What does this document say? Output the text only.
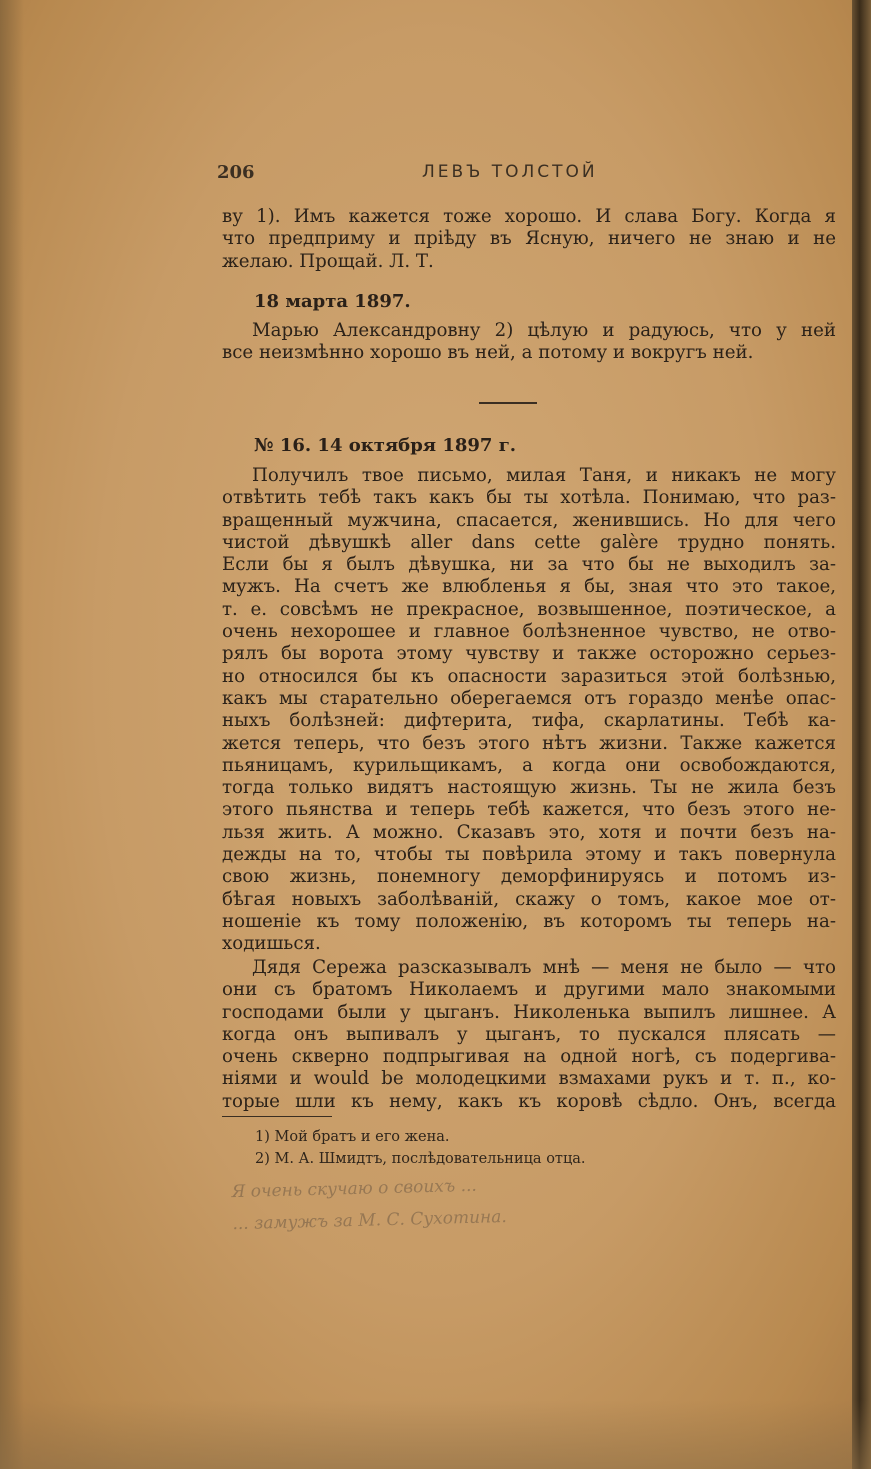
206	ЛЕВЪ ТОЛСТОЙ
ву 1). Имъ кажется тоже хорошо. И слава Богу. Когда я
что предприму и пріѣду въ Ясную, ничего не знаю и не
желаю. Прощай. Л. Т.
18 марта 1897.
Марью Александровну 2) цѣлую и радуюсь, что у ней
все неизмѣнно хорошо въ ней, а потому и вокругъ ней.
№ 16. 14 октября 1897 г.
Получилъ твое письмо, милая Таня, и никакъ не могу
отвѣтить тебѣ такъ какъ бы ты хотѣла. Понимаю, что раз-
вращенный мужчина, спасается, женившись. Но для чего
чистой дѣвушкѣ aller dans cette galère трудно понять.
Если бы я былъ дѣвушка, ни за что бы не выходилъ за-
мужъ. На счетъ же влюбленья я бы, зная что это такое,
т. е. совсѣмъ не прекрасное, возвышенное, поэтическое, а
очень нехорошее и главное болѣзненное чувство, не отво-
рялъ бы ворота этому чувству и также осторожно серьез-
но относился бы къ опасности заразиться этой болѣзнью,
какъ мы старательно оберегаемся отъ гораздо менѣе опас-
ныхъ болѣзней: дифтерита, тифа, скарлатины. Тебѣ ка-
жется теперь, что безъ этого нѣтъ жизни. Также кажется
пьяницамъ, курильщикамъ, а когда они освобождаются,
тогда только видятъ настоящую жизнь. Ты не жила безъ
этого пьянства и теперь тебѣ кажется, что безъ этого не-
льзя жить. А можно. Сказавъ это, хотя и почти безъ на-
дежды на то, чтобы ты повѣрила этому и такъ повернула
свою жизнь, понемногу деморфинируясь и потомъ из-
бѣгая новыхъ заболѣваній, скажу о томъ, какое мое от-
ношеніе къ тому положенію, въ которомъ ты теперь на-
ходишься.
Дядя Сережа разсказывалъ мнѣ — меня не было — что
они съ братомъ Николаемъ и другими мало знакомыми
господами были у цыганъ. Николенька выпилъ лишнее. А
когда онъ выпивалъ у цыганъ, то пускался плясать —
очень скверно подпрыгивая на одной ногѣ, съ подергива-
ніями и would be молодецкими взмахами рукъ и т. п., ко-
торые шли къ нему, какъ къ коровѣ сѣдло. Онъ, всегда
1) Мой братъ и его жена.
2) М. А. Шмидтъ, послѣдовательница отца.
Я очень скучаю о своихъ ...
... замужъ за М. С. Сухотина.
